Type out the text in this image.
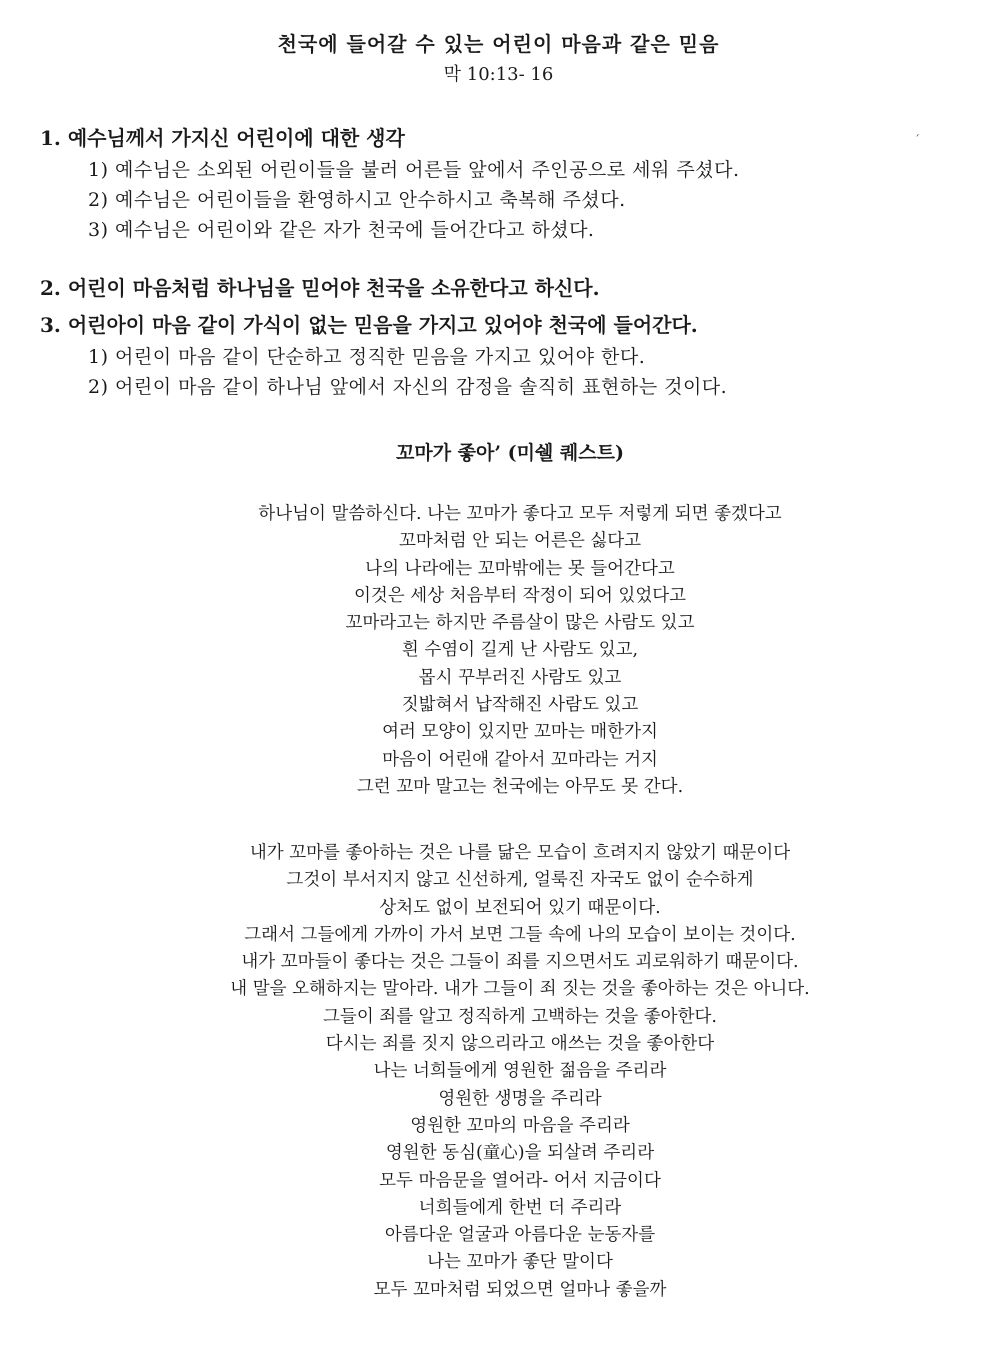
천국에 들어갈 수 있는 어린이 마음과 같은 믿음
막 10:13- 16
´
1. 예수님께서 가지신 어린이에 대한 생각
1) 예수님은 소외된 어린이들을 불러 어른들 앞에서 주인공으로 세워 주셨다.
2) 예수님은 어린이들을 환영하시고 안수하시고 축복해 주셨다.
3) 예수님은 어린이와 같은 자가 천국에 들어간다고 하셨다.
2. 어린이 마음처럼 하나님을 믿어야 천국을 소유한다고 하신다.
3. 어린아이 마음 같이 가식이 없는 믿음을 가지고 있어야 천국에 들어간다.
1) 어린이 마음 같이 단순하고 정직한 믿음을 가지고 있어야 한다.
2) 어린이 마음 같이 하나님 앞에서 자신의 감정을 솔직히 표현하는 것이다.
꼬마가 좋아’ (미쉘 퀘스트)
하나님이 말씀하신다. 나는 꼬마가 좋다고 모두 저렇게 되면 좋겠다고
꼬마처럼 안 되는 어른은 싫다고
나의 나라에는 꼬마밖에는 못 들어간다고
이것은 세상 처음부터 작정이 되어 있었다고
꼬마라고는 하지만 주름살이 많은 사람도 있고
흰 수염이 길게 난 사람도 있고,
몹시 꾸부러진 사람도 있고
짓밟혀서 납작해진 사람도 있고
여러 모양이 있지만 꼬마는 매한가지
마음이 어린애 같아서 꼬마라는 거지
그런 꼬마 말고는 천국에는 아무도 못 간다.
내가 꼬마를 좋아하는 것은 나를 닮은 모습이 흐려지지 않았기 때문이다
그것이 부서지지 않고 신선하게, 얼룩진 자국도 없이 순수하게
상처도 없이 보전되어 있기 때문이다.
그래서 그들에게 가까이 가서 보면 그들 속에 나의 모습이 보이는 것이다.
내가 꼬마들이 좋다는 것은 그들이 죄를 지으면서도 괴로워하기 때문이다.
내 말을 오해하지는 말아라. 내가 그들이 죄 짓는 것을 좋아하는 것은 아니다.
그들이 죄를 알고 정직하게 고백하는 것을 좋아한다.
다시는 죄를 짓지 않으리라고 애쓰는 것을 좋아한다
나는 너희들에게 영원한 젊음을 주리라
영원한 생명을 주리라
영원한 꼬마의 마음을 주리라
영원한 동심(童心)을 되살려 주리라
모두 마음문을 열어라- 어서 지금이다
너희들에게 한번 더 주리라
아름다운 얼굴과 아름다운 눈동자를
나는 꼬마가 좋단 말이다
모두 꼬마처럼 되었으면 얼마나 좋을까
